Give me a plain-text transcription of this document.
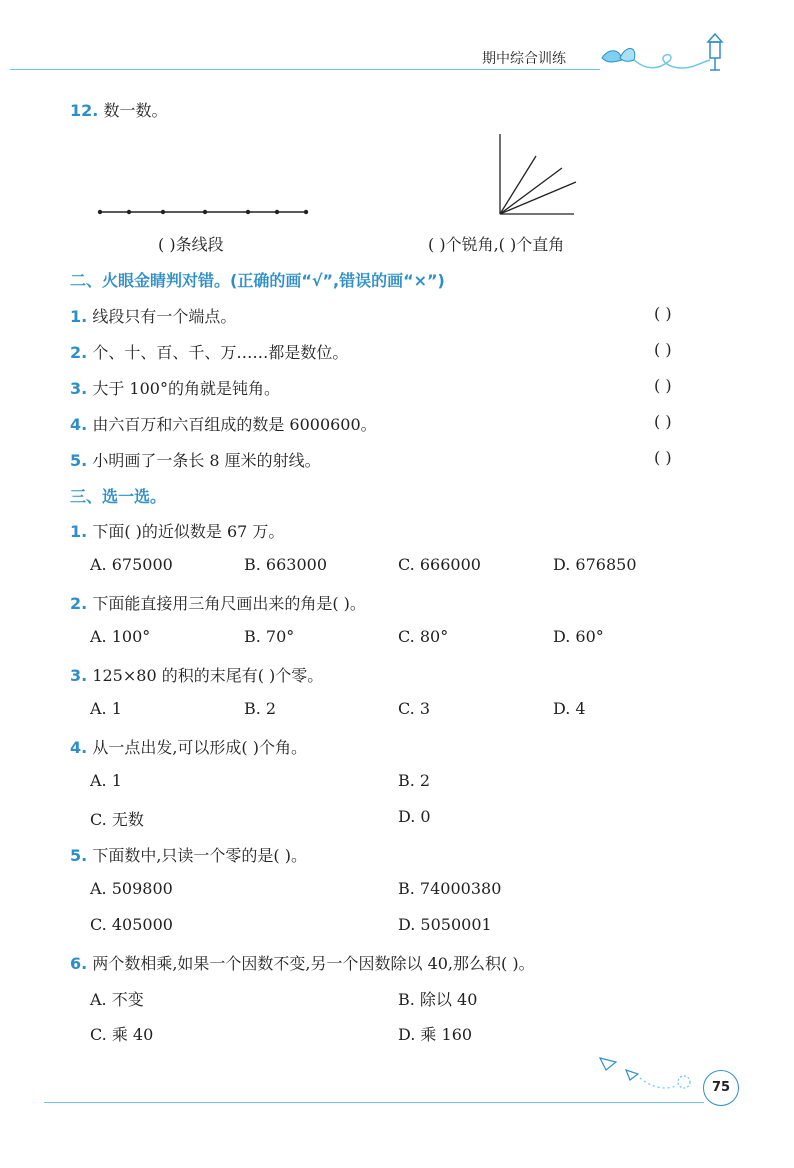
期中综合训练
12. 数一数。
( )条线段	( )个锐角,( )个直角
二、火眼金睛判对错。(正确的画“√”,错误的画“×”)
1. 线段只有一个端点。	( )
2. 个、十、百、千、万……都是数位。	( )
3. 大于 100°的角就是钝角。	( )
4. 由六百万和六百组成的数是 6000600。	( )
5. 小明画了一条长 8 厘米的射线。	( )
三、选一选。
1. 下面( )的近似数是 67 万。
A. 675000	B. 663000	C. 666000	D. 676850
2. 下面能直接用三角尺画出来的角是( )。
A. 100°	B. 70°	C. 80°	D. 60°
3. 125×80 的积的末尾有( )个零。
A. 1	B. 2	C. 3	D. 4
4. 从一点出发,可以形成( )个角。
A. 1	B. 2
C. 无数	D. 0
5. 下面数中,只读一个零的是( )。
A. 509800	B. 74000380
C. 405000	D. 5050001
6. 两个数相乘,如果一个因数不变,另一个因数除以 40,那么积( )。
A. 不变	B. 除以 40
C. 乘 40	D. 乘 160
75
